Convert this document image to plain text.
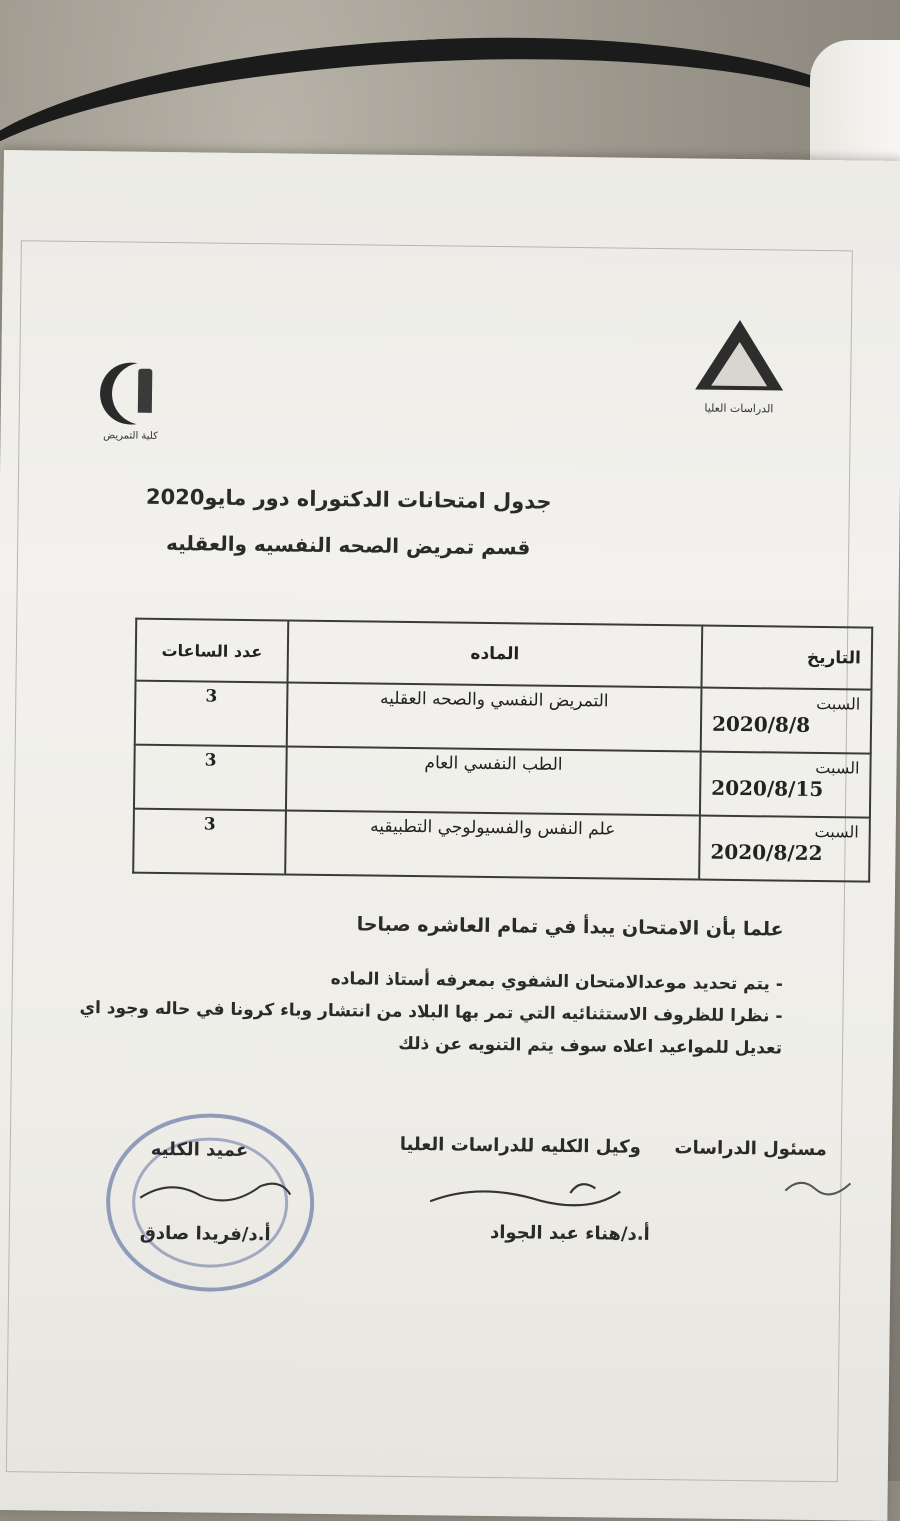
الدراسات العليا
كلية التمريض
جدول امتحانات الدكتوراه دور مايو2020
قسم تمريض الصحه النفسيه والعقليه
التاريخ	الماده	عدد الساعات

السبت
2020/8/8	التمريض النفسي والصحه العقليه	3

السبت
2020/8/15	الطب النفسي العام	3

السبت
2020/8/22	علم النفس والفسيولوجي التطبيقيه	3
علما بأن الامتحان يبدأ في تمام العاشره صباحا
- يتم تحديد موعدالامتحان الشفوي بمعرفه أستاذ الماده
- نظرا للظروف الاستثنائيه التي تمر بها البلاد من انتشار وباء كرونا في حاله وجود اي تعديل للمواعيد اعلاه سوف يتم التنويه عن ذلك
مسئول الدراسات
وكيل الكليه للدراسات العليا
أ.د/هناء عبد الجواد
عميد الكليه
أ.د/فريدا صادق
